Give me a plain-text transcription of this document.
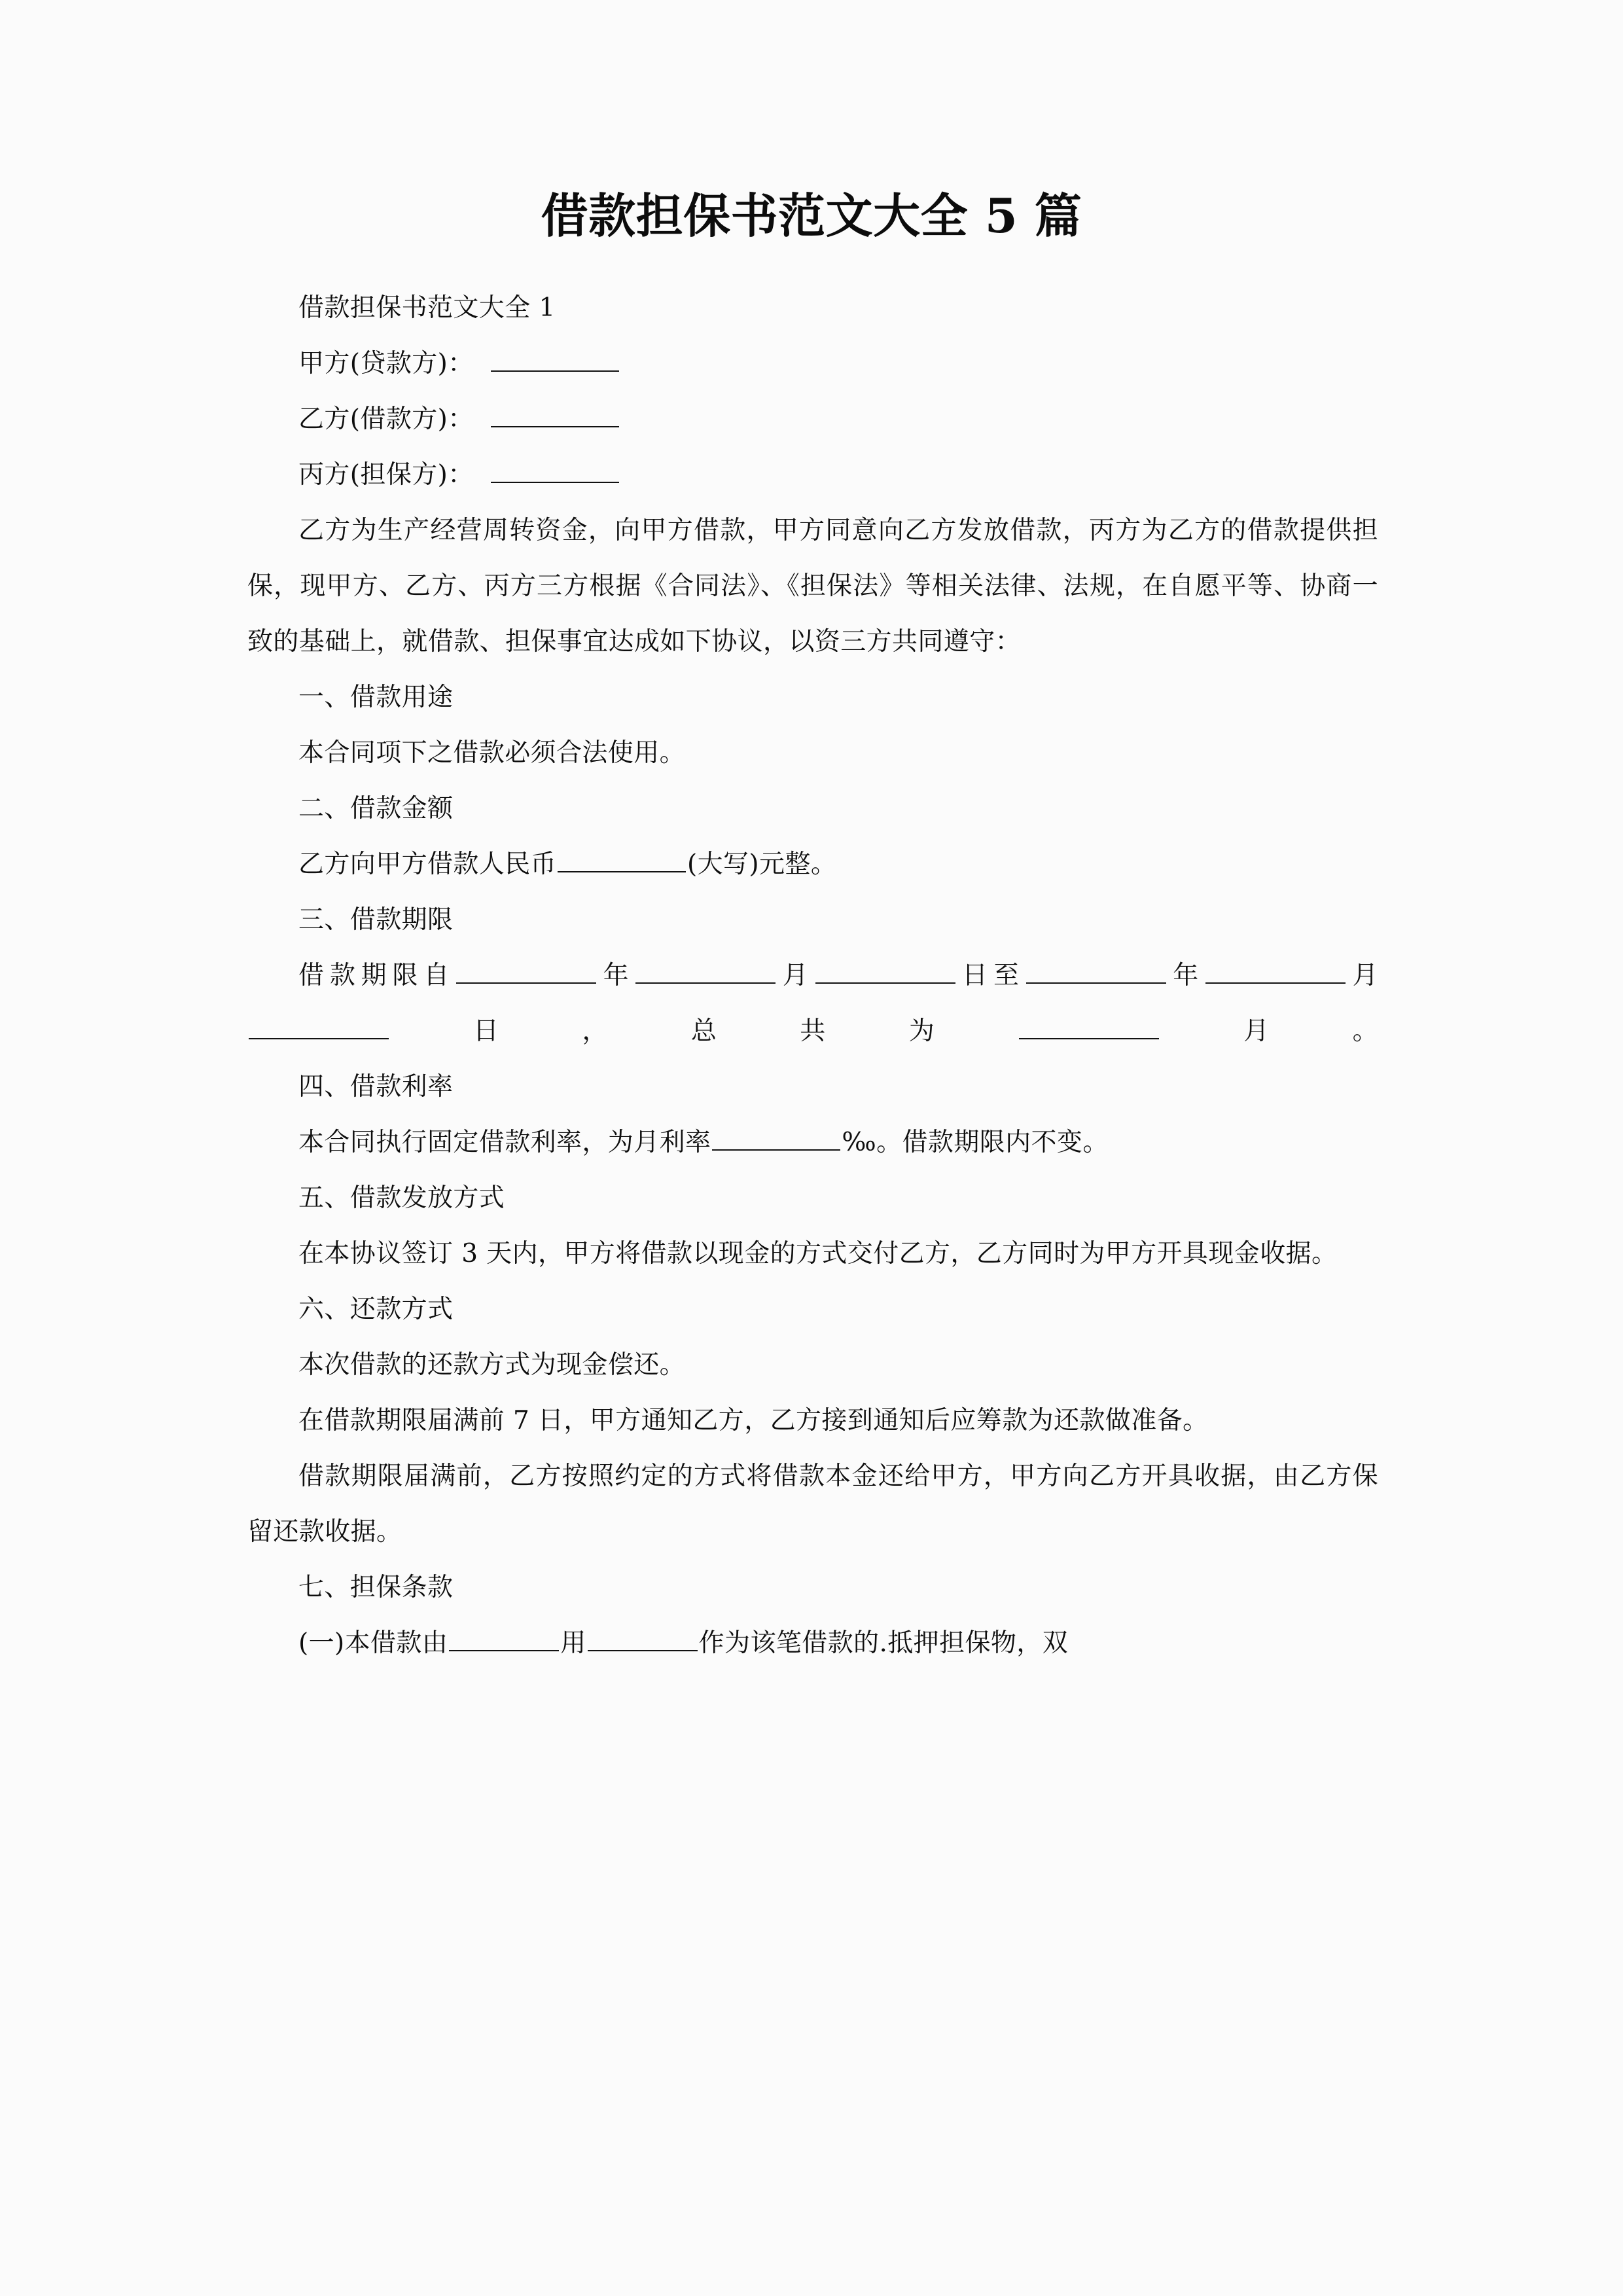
借款担保书范文大全 5 篇

借款担保书范文大全 1

甲方(贷款方)：

乙方(借款方)：

丙方(担保方)：

乙方为生产经营周转资金，向甲方借款，甲方同意向乙方发放借款，丙方为乙方的借款提供担保，现甲方、乙方、丙方三方根据《合同法》、《担保法》等相关法律、法规，在自愿平等、协商一致的基础上，就借款、担保事宜达成如下协议，以资三方共同遵守：

一、借款用途

本合同项下之借款必须合法使用。

二、借款金额

乙方向甲方借款人民币	(大写)元整。

三、借款期限

借款期限自	年	月	日至	年	月日，总共为	月。

四、借款利率

本合同执行固定借款利率，为月利率	‰。借款期限内不变。

五、借款发放方式

在本协议签订 3 天内，甲方将借款以现金的方式交付乙方，乙方同时为甲方开具现金收据。

六、还款方式

本次借款的还款方式为现金偿还。

在借款期限届满前 7 日，甲方通知乙方，乙方接到通知后应筹款为还款做准备。

借款期限届满前，乙方按照约定的方式将借款本金还给甲方，甲方向乙方开具收据，由乙方保留还款收据。

七、担保条款

(一)本借款由	用	作为该笔借款的.抵押担保物，双
